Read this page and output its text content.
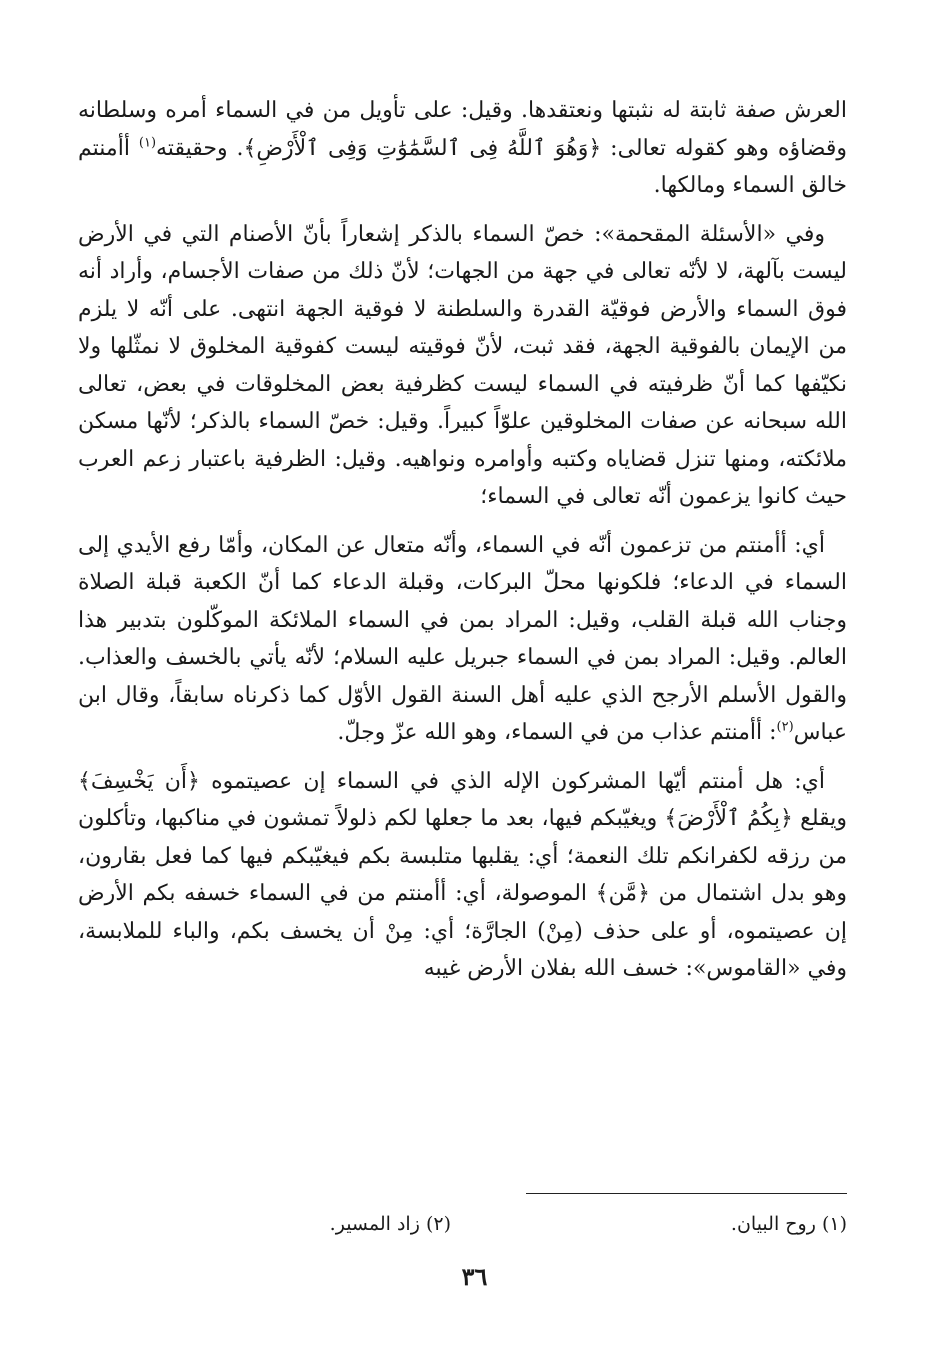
العرش صفة ثابتة له نثبتها ونعتقدها. وقيل: على تأويل من في السماء أمره وسلطانه وقضاؤه وهو كقوله تعالى: ﴿وَهُوَ ٱللَّهُ فِى ٱلسَّمَٰوَٰتِ وَفِى ٱلْأَرْضِ﴾. وحقيقته$^{(١)}$ أأمنتم خالق السماء ومالكها.

وفي «الأسئلة المقحمة»: خصّ السماء بالذكر إشعاراً بأنّ الأصنام التي في الأرض ليست بآلهة، لا لأنّه تعالى في جهة من الجهات؛ لأنّ ذلك من صفات الأجسام، وأراد أنه فوق السماء والأرض فوقيّة القدرة والسلطنة لا فوقية الجهة انتهى. على أنّه لا يلزم من الإيمان بالفوقية الجهة، فقد ثبت، لأنّ فوقيته ليست كفوقية المخلوق لا نمثّلها ولا نكيّفها كما أنّ ظرفيته في السماء ليست كظرفية بعض المخلوقات في بعض، تعالى الله سبحانه عن صفات المخلوقين علوّاً كبيراً. وقيل: خصّ السماء بالذكر؛ لأنّها مسكن ملائكته، ومنها تنزل قضاياه وكتبه وأوامره ونواهيه. وقيل: الظرفية باعتبار زعم العرب حيث كانوا يزعمون أنّه تعالى في السماء؛

أي: أأمنتم من تزعمون أنّه في السماء، وأنّه متعال عن المكان، وأمّا رفع الأيدي إلى السماء في الدعاء؛ فلكونها محلّ البركات، وقبلة الدعاء كما أنّ الكعبة قبلة الصلاة وجناب الله قبلة القلب، وقيل: المراد بمن في السماء الملائكة الموكّلون بتدبير هذا العالم. وقيل: المراد بمن في السماء جبريل عليه السلام؛ لأنّه يأتي بالخسف والعذاب. والقول الأسلم الأرجح الذي عليه أهل السنة القول الأوّل كما ذكرناه سابقاً، وقال ابن عباس$^{(٢)}$: أأمنتم عذاب من في السماء، وهو الله عزّ وجلّ.

أي: هل أمنتم أيّها المشركون الإله الذي في السماء إن عصيتموه ﴿أَن يَخْسِفَ﴾ ويقلع ﴿بِكُمُ ٱلْأَرْضَ﴾ ويغيّبكم فيها، بعد ما جعلها لكم ذلولاً تمشون في مناكبها، وتأكلون من رزقه لكفرانكم تلك النعمة؛ أي: يقلبها متلبسة بكم فيغيّبكم فيها كما فعل بقارون، وهو بدل اشتمال من ﴿مَّن﴾ الموصولة، أي: أأمنتم من في السماء خسفه بكم الأرض إن عصيتموه، أو على حذف (مِنْ) الجارَّة؛ أي: مِنْ أن يخسف بكم، والباء للملابسة، وفي «القاموس»: خسف الله بفلان الأرض غيبه

(١) روح البيان.
(٢) زاد المسير.
٣٦
